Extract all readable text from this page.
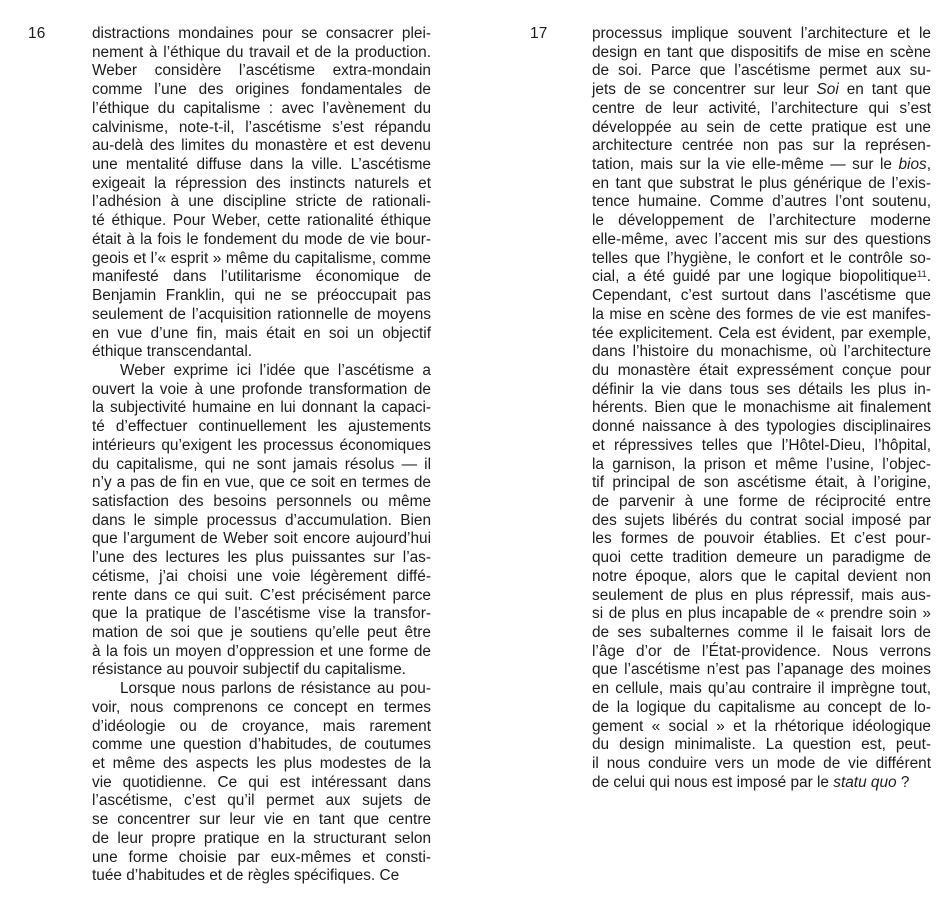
16	distractions mondaines pour se consacrer plei-
nement à l’éthique du travail et de la production.
Weber considère l’ascétisme extra-mondain
comme l’une des origines fondamentales de
l’éthique du capitalisme : avec l’avènement du
calvinisme, note-t-il, l’ascétisme s’est répandu
au-delà des limites du monastère et est devenu
une mentalité diffuse dans la ville. L’ascétisme
exigeait la répression des instincts naturels et
l’adhésion à une discipline stricte de rationali-
té éthique. Pour Weber, cette rationalité éthique
était à la fois le fondement du mode de vie bour-
geois et l’« esprit » même du capitalisme, comme
manifesté dans l’utilitarisme économique de
Benjamin Franklin, qui ne se préoccupait pas
seulement de l’acquisition rationnelle de moyens
en vue d’une fin, mais était en soi un objectif
éthique transcendantal.
Weber exprime ici l’idée que l’ascétisme a
ouvert la voie à une profonde transformation de
la subjectivité humaine en lui donnant la capaci-
té d’effectuer continuellement les ajustements
intérieurs qu’exigent les processus économiques
du capitalisme, qui ne sont jamais résolus — il
n’y a pas de fin en vue, que ce soit en termes de
satisfaction des besoins personnels ou même
dans le simple processus d’accumulation. Bien
que l’argument de Weber soit encore aujourd’hui
l’une des lectures les plus puissantes sur l’as-
cétisme, j’ai choisi une voie légèrement diffé-
rente dans ce qui suit. C’est précisément parce
que la pratique de l’ascétisme vise la transfor-
mation de soi que je soutiens qu’elle peut être
à la fois un moyen d’oppression et une forme de
résistance au pouvoir subjectif du capitalisme.
Lorsque nous parlons de résistance au pou-
voir, nous comprenons ce concept en termes
d’idéologie ou de croyance, mais rarement
comme une question d’habitudes, de coutumes
et même des aspects les plus modestes de la
vie quotidienne. Ce qui est intéressant dans
l’ascétisme, c’est qu’il permet aux sujets de
se concentrer sur leur vie en tant que centre
de leur propre pratique en la structurant selon
une forme choisie par eux-mêmes et consti-
tuée d’habitudes et de règles spécifiques. Ce
17	processus implique souvent l’architecture et le
design en tant que dispositifs de mise en scène
de soi. Parce que l’ascétisme permet aux su-
jets de se concentrer sur leur Soi en tant que
centre de leur activité, l’architecture qui s’est
développée au sein de cette pratique est une
architecture centrée non pas sur la représen-
tation, mais sur la vie elle-même — sur le bios,
en tant que substrat le plus générique de l’exis-
tence humaine. Comme d’autres l’ont soutenu,
le développement de l’architecture moderne
elle-même, avec l’accent mis sur des questions
telles que l’hygiène, le confort et le contrôle so-
cial, a été guidé par une logique biopolitique$^{11}$.
Cependant, c’est surtout dans l’ascétisme que
la mise en scène des formes de vie est manifes-
tée explicitement. Cela est évident, par exemple,
dans l’histoire du monachisme, où l’architecture
du monastère était expressément conçue pour
définir la vie dans tous ses détails les plus in-
hérents. Bien que le monachisme ait finalement
donné naissance à des typologies disciplinaires
et répressives telles que l’Hôtel-Dieu, l’hôpital,
la garnison, la prison et même l’usine, l’objec-
tif principal de son ascétisme était, à l’origine,
de parvenir à une forme de réciprocité entre
des sujets libérés du contrat social imposé par
les formes de pouvoir établies. Et c’est pour-
quoi cette tradition demeure un paradigme de
notre époque, alors que le capital devient non
seulement de plus en plus répressif, mais aus-
si de plus en plus incapable de « prendre soin »
de ses subalternes comme il le faisait lors de
l’âge d’or de l’État-providence. Nous verrons
que l’ascétisme n’est pas l’apanage des moines
en cellule, mais qu’au contraire il imprègne tout,
de la logique du capitalisme au concept de lo-
gement « social » et la rhétorique idéologique
du design minimaliste. La question est, peut-
il nous conduire vers un mode de vie différent
de celui qui nous est imposé par le statu quo ?
